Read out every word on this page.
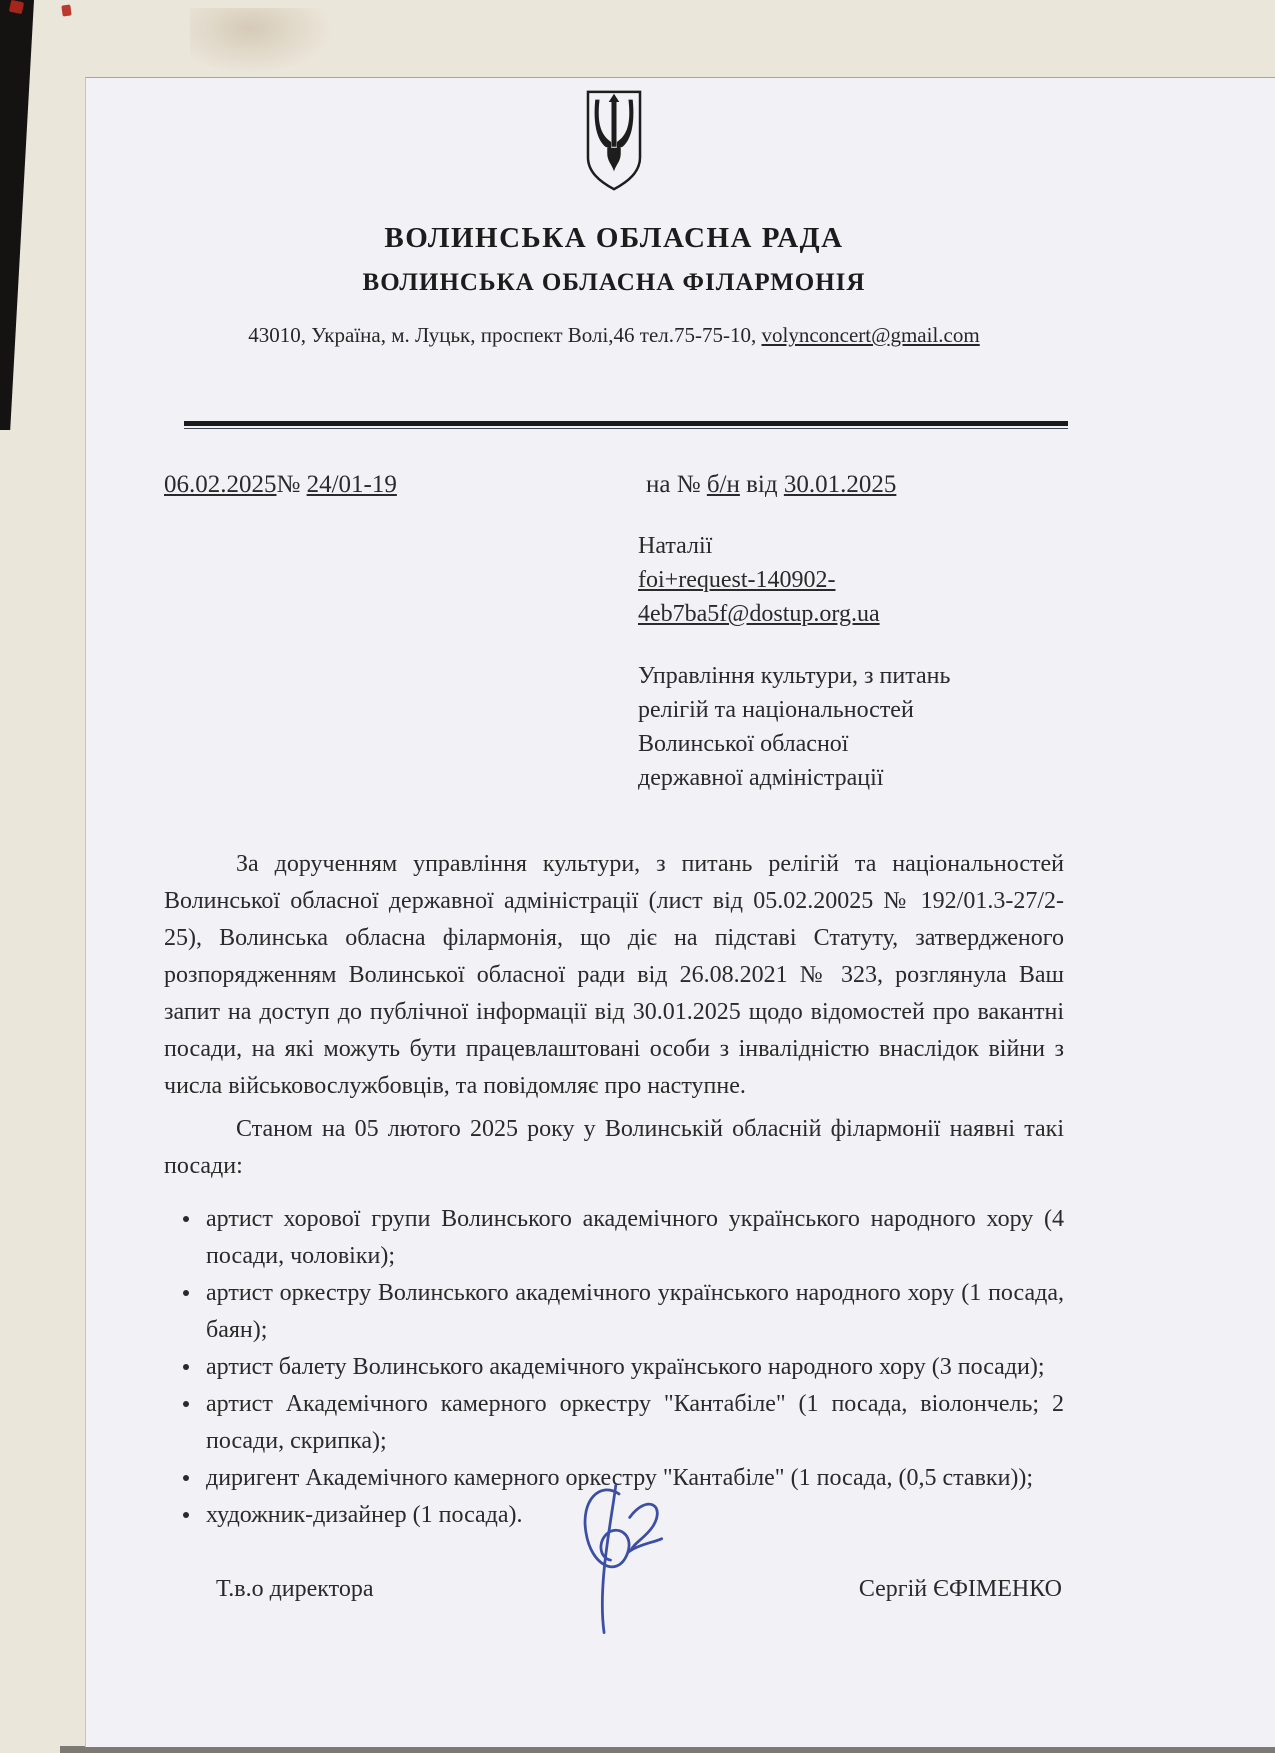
ВОЛИНСЬКА ОБЛАСНА РАДА
ВОЛИНСЬКА ОБЛАСНА ФІЛАРМОНІЯ
43010, Україна, м. Луцьк, проспект Волі,46 тел.75-75-10, volynconcert@gmail.com
06.02.2025№ 24/01-19	на № б/н від 30.01.2025
Наталії
foi+request-140902-
4eb7ba5f@dostup.org.ua
Управління культури, з питань
релігій та національностей
Волинської обласної
державної адміністрації

За дорученням управління культури, з питань релігій та національностей Волинської обласної державної адміністрації (лист від 05.02.20025 № 192/01.3-27/2-25), Волинська обласна філармонія, що діє на підставі Статуту, затвердженого розпорядженням Волинської обласної ради від 26.08.2021 № 323, розглянула Ваш запит на доступ до публічної інформації від 30.01.2025 щодо відомостей про вакантні посади, на які можуть бути працевлаштовані особи з інвалідністю внаслідок війни з числа військовослужбовців, та повідомляє про наступне.

Станом на 05 лютого 2025 року у Волинській обласній філармонії наявні такі посади:

артист хорової групи Волинського академічного українського народного хору (4 посади, чоловіки);
артист оркестру Волинського академічного українського народного хору (1 посада, баян);
артист балету Волинського академічного українського народного хору (3 посади);
артист Академічного камерного оркестру "Кантабіле" (1 посада, віолончель; 2 посади, скрипка);
диригент Академічного камерного оркестру "Кантабіле" (1 посада, (0,5 ставки));
художник-дизайнер (1 посада).
Т.в.о директора	Сергій ЄФІМЕНКО
